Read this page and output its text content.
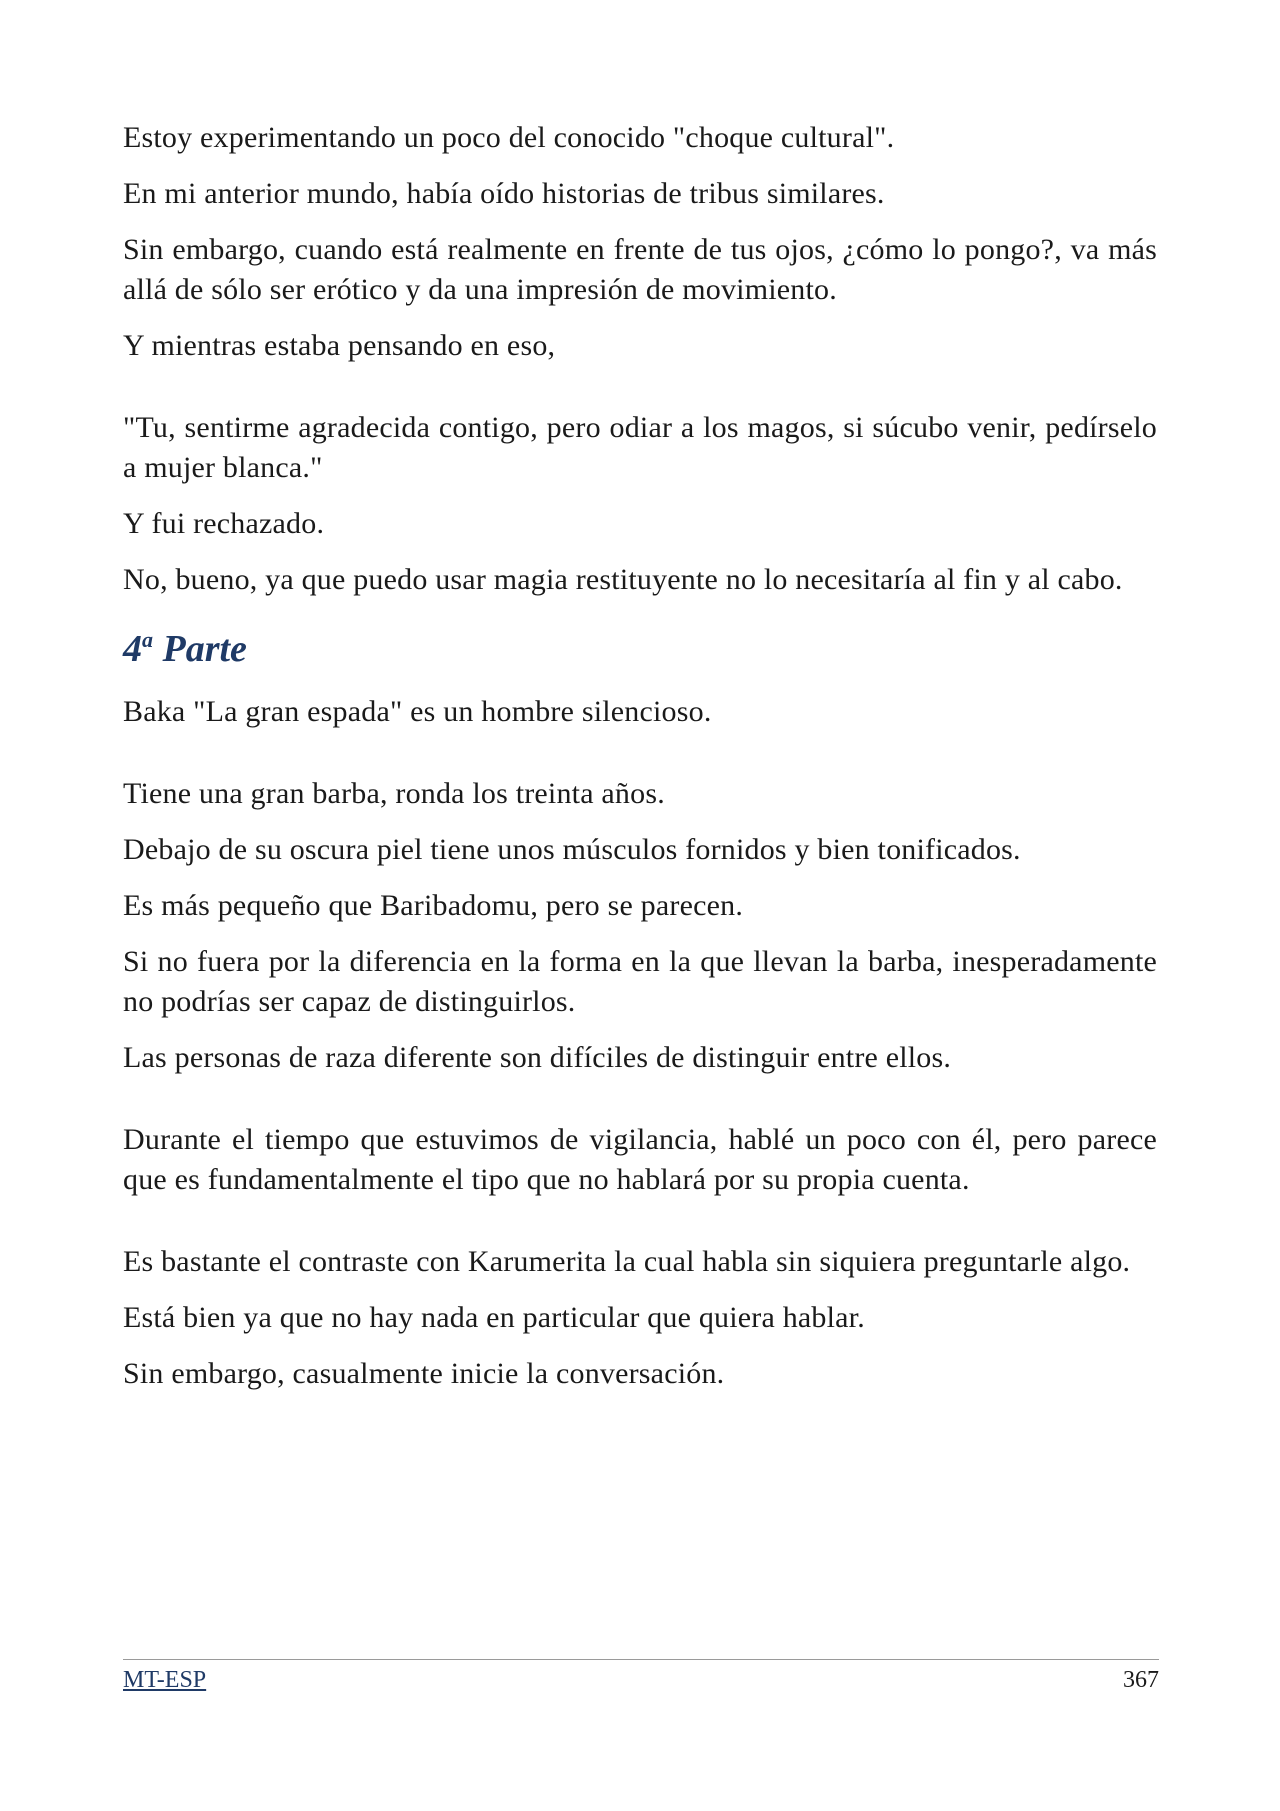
Estoy experimentando un poco del conocido "choque cultural".

En mi anterior mundo, había oído historias de tribus similares.

Sin embargo, cuando está realmente en frente de tus ojos, ¿cómo lo pongo?, va más allá de sólo ser erótico y da una impresión de movimiento.

Y mientras estaba pensando en eso,

"Tu, sentirme agradecida contigo, pero odiar a los magos, si súcubo venir, pedírselo a mujer blanca."

Y fui rechazado.

No, bueno, ya que puedo usar magia restituyente no lo necesitaría al fin y al cabo.

4$^a$ Parte

Baka "La gran espada" es un hombre silencioso.

Tiene una gran barba, ronda los treinta años.

Debajo de su oscura piel tiene unos músculos fornidos y bien tonificados.

Es más pequeño que Baribadomu, pero se parecen.

Si no fuera por la diferencia en la forma en la que llevan la barba, inesperadamente no podrías ser capaz de distinguirlos.

Las personas de raza diferente son difíciles de distinguir entre ellos.

Durante el tiempo que estuvimos de vigilancia, hablé un poco con él, pero parece que es fundamentalmente el tipo que no hablará por su propia cuenta.

Es bastante el contraste con Karumerita la cual habla sin siquiera preguntarle algo.

Está bien ya que no hay nada en particular que quiera hablar.

Sin embargo, casualmente inicie la conversación.

MT-ESP	367
